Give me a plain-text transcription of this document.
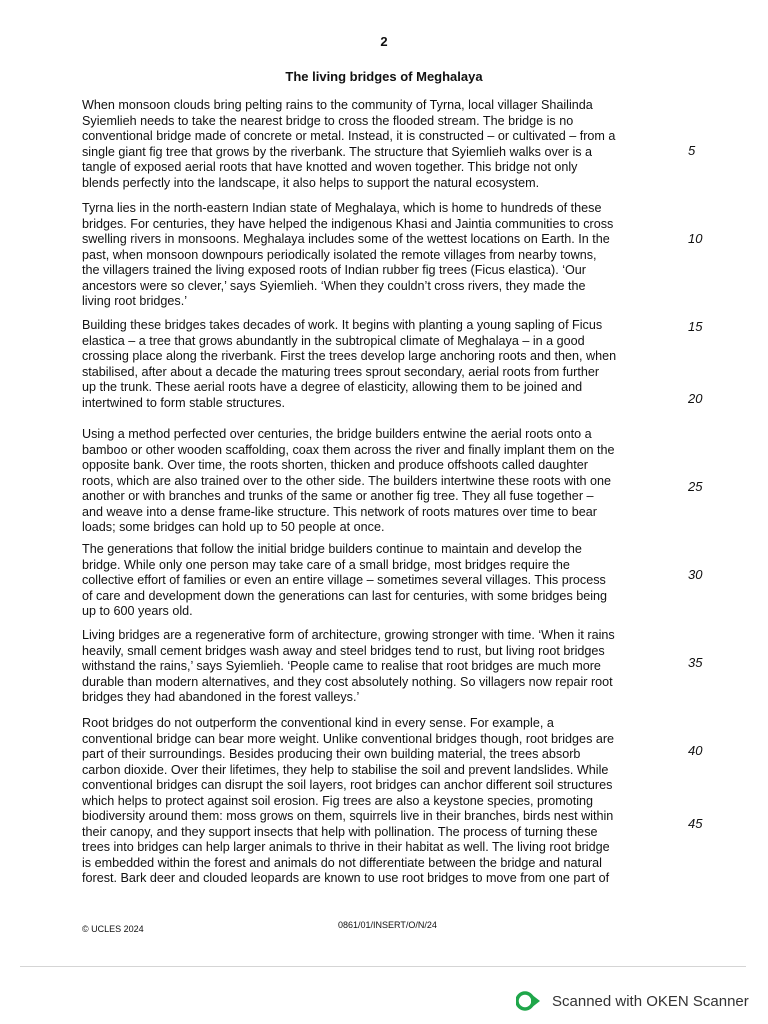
2
The living bridges of Meghalaya
When monsoon clouds bring pelting rains to the community of Tyrna, local villager Shailinda
Syiemlieh needs to take the nearest bridge to cross the flooded stream. The bridge is no
conventional bridge made of concrete or metal. Instead, it is constructed – or cultivated – from a
single giant fig tree that grows by the riverbank. The structure that Syiemlieh walks over is a
tangle of exposed aerial roots that have knotted and woven together. This bridge not only
blends perfectly into the landscape, it also helps to support the natural ecosystem.
Tyrna lies in the north-eastern Indian state of Meghalaya, which is home to hundreds of these
bridges. For centuries, they have helped the indigenous Khasi and Jaintia communities to cross
swelling rivers in monsoons. Meghalaya includes some of the wettest locations on Earth. In the
past, when monsoon downpours periodically isolated the remote villages from nearby towns,
the villagers trained the living exposed roots of Indian rubber fig trees (Ficus elastica). ‘Our
ancestors were so clever,’ says Syiemlieh. ‘When they couldn’t cross rivers, they made the
living root bridges.’
Building these bridges takes decades of work. It begins with planting a young sapling of Ficus
elastica – a tree that grows abundantly in the subtropical climate of Meghalaya – in a good
crossing place along the riverbank. First the trees develop large anchoring roots and then, when
stabilised, after about a decade the maturing trees sprout secondary, aerial roots from further
up the trunk. These aerial roots have a degree of elasticity, allowing them to be joined and
intertwined to form stable structures.
Using a method perfected over centuries, the bridge builders entwine the aerial roots onto a
bamboo or other wooden scaffolding, coax them across the river and finally implant them on the
opposite bank. Over time, the roots shorten, thicken and produce offshoots called daughter
roots, which are also trained over to the other side. The builders intertwine these roots with one
another or with branches and trunks of the same or another fig tree. They all fuse together –
and weave into a dense frame-like structure. This network of roots matures over time to bear
loads; some bridges can hold up to 50 people at once.
The generations that follow the initial bridge builders continue to maintain and develop the
bridge. While only one person may take care of a small bridge, most bridges require the
collective effort of families or even an entire village – sometimes several villages. This process
of care and development down the generations can last for centuries, with some bridges being
up to 600 years old.
Living bridges are a regenerative form of architecture, growing stronger with time. ‘When it rains
heavily, small cement bridges wash away and steel bridges tend to rust, but living root bridges
withstand the rains,’ says Syiemlieh. ‘People came to realise that root bridges are much more
durable than modern alternatives, and they cost absolutely nothing. So villagers now repair root
bridges they had abandoned in the forest valleys.’
Root bridges do not outperform the conventional kind in every sense. For example, a
conventional bridge can bear more weight. Unlike conventional bridges though, root bridges are
part of their surroundings. Besides producing their own building material, the trees absorb
carbon dioxide. Over their lifetimes, they help to stabilise the soil and prevent landslides. While
conventional bridges can disrupt the soil layers, root bridges can anchor different soil structures
which helps to protect against soil erosion. Fig trees are also a keystone species, promoting
biodiversity around them: moss grows on them, squirrels live in their branches, birds nest within
their canopy, and they support insects that help with pollination. The process of turning these
trees into bridges can help larger animals to thrive in their habitat as well. The living root bridge
is embedded within the forest and animals do not differentiate between the bridge and natural
forest. Bark deer and clouded leopards are known to use root bridges to move from one part of
5
10
15
20
25
30
35
40
45
© UCLES 2024	0861/01/INSERT/O/N/24
Scanned with OKEN Scanner
